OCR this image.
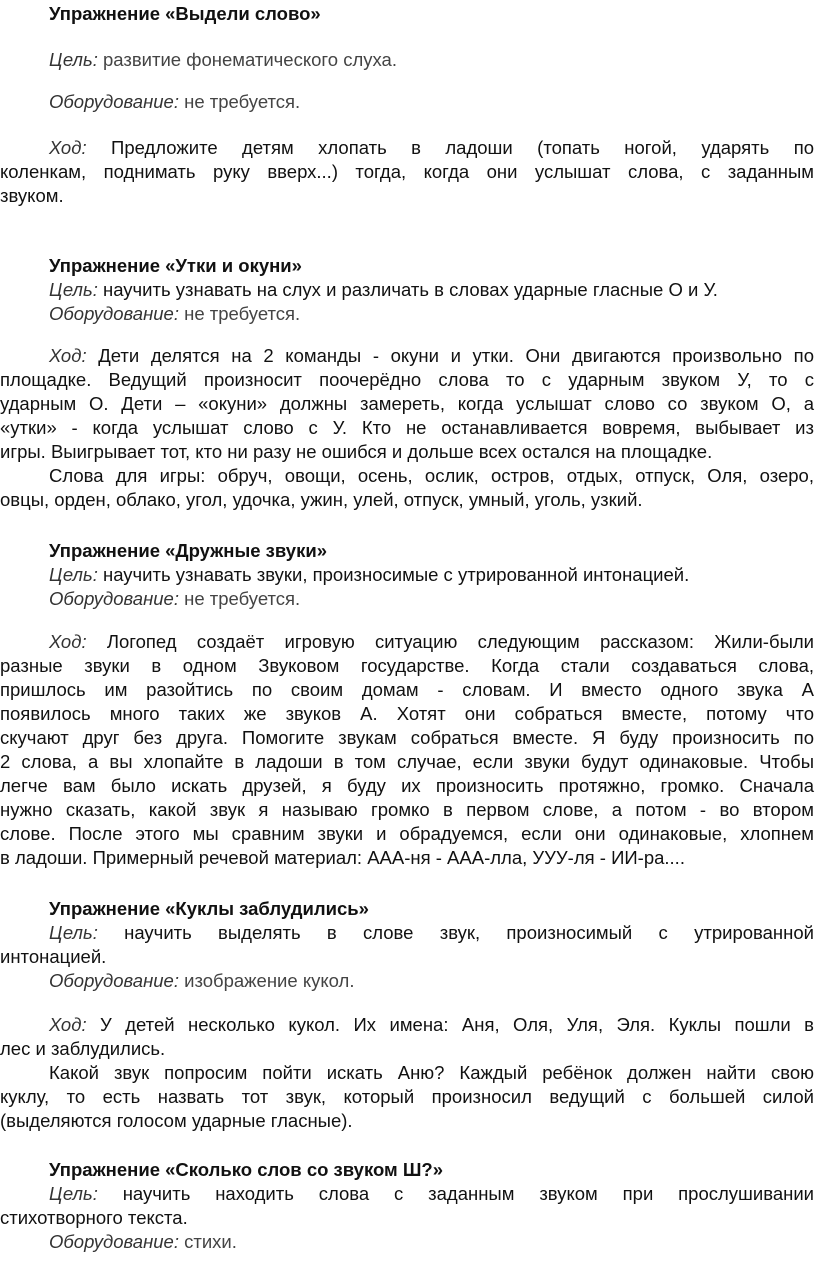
Упражнение «Выдели слово»
Цель: развитие фонематического слуха.
Оборудование: не требуется.
Ход: Предложите детям хлопать в ладоши (топать ногой, ударять по
коленкам, поднимать руку вверх...) тогда, когда они услышат слова, с заданным
звуком.
Упражнение «Утки и окуни»
Цель: научить узнавать на слух и различать в словах ударные гласные О и У.
Оборудование: не требуется.
Ход: Дети делятся на 2 команды - окуни и утки. Они двигаются произвольно по
площадке. Ведущий произносит поочерёдно слова то с ударным звуком У, то с
ударным О. Дети – «окуни» должны замереть, когда услышат слово со звуком О, а
«утки» - когда услышат слово с У. Кто не останавливается вовремя, выбывает из
игры. Выигрывает тот, кто ни разу не ошибся и дольше всех остался на площадке.
Слова для игры: обруч, овощи, осень, ослик, остров, отдых, отпуск, Оля, озеро,
овцы, орден, облако, угол, удочка, ужин, улей, отпуск, умный, уголь, узкий.
Упражнение «Дружные звуки»
Цель: научить узнавать звуки, произносимые с утрированной интонацией.
Оборудование: не требуется.
Ход: Логопед создаёт игровую ситуацию следующим рассказом: Жили-были
разные звуки в одном Звуковом государстве. Когда стали создаваться слова,
пришлось им разойтись по своим домам - словам. И вместо одного звука А
появилось много таких же звуков А. Хотят они собраться вместе, потому что
скучают друг без друга. Помогите звукам собраться вместе. Я буду произносить по
2 слова, а вы хлопайте в ладоши в том случае, если звуки будут одинаковые. Чтобы
легче вам было искать друзей, я буду их произносить протяжно, громко. Сначала
нужно сказать, какой звук я называю громко в первом слове, а потом - во втором
слове. После этого мы сравним звуки и обрадуемся, если они одинаковые, хлопнем
в ладоши. Примерный речевой материал: ААА-ня - ААА-лла, УУУ-ля - ИИ-ра....
Упражнение «Куклы заблудились»
Цель: научить выделять в слове звук, произносимый с утрированной
интонацией.
Оборудование: изображение кукол.
Ход: У детей несколько кукол. Их имена: Аня, Оля, Уля, Эля. Куклы пошли в
лес и заблудились.
Какой звук попросим пойти искать Аню? Каждый ребёнок должен найти свою
куклу, то есть назвать тот звук, который произносил ведущий с большей силой
(выделяются голосом ударные гласные).
Упражнение «Сколько слов со звуком Ш?»
Цель: научить находить слова с заданным звуком при прослушивании
стихотворного текста.
Оборудование: стихи.
